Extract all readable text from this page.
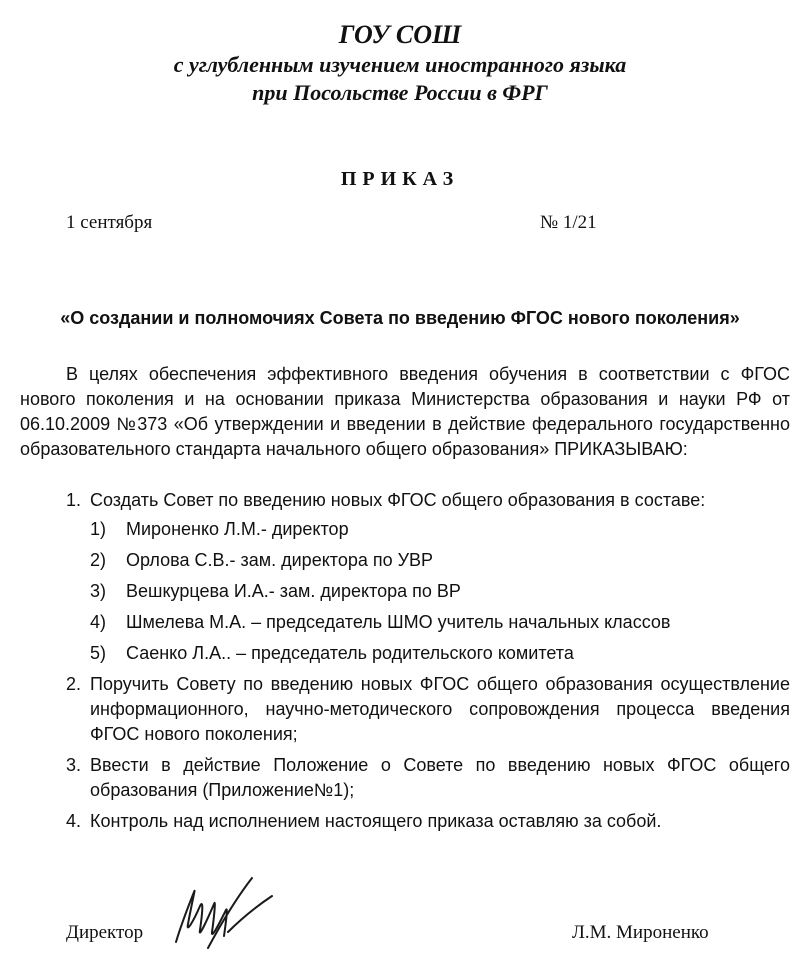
ГОУ СОШ
с углубленным изучением иностранного языка
при Посольстве России в ФРГ
ПРИКАЗ
1 сентября	№ 1/21
«О создании и полномочиях Совета по введению ФГОС нового поколения»
В целях обеспечения эффективного введения обучения в соответствии с ФГОС нового поколения и на основании приказа Министерства образования и науки РФ от 06.10.2009 №373 «Об утверждении и введении в действие федерального государственно образовательного стандарта начального общего образования» ПРИКАЗЫВАЮ:
1. Создать Совет по введению новых ФГОС общего образования в составе:
1) Мироненко Л.М.- директор
2) Орлова С.В.- зам. директора по УВР
3) Вешкурцева И.А.- зам. директора по ВР
4) Шмелева М.А. – председатель ШМО учитель начальных классов
5) Саенко Л.А.. – председатель родительского комитета
2. Поручить Совету по введению новых ФГОС общего образования осуществление информационного, научно-методического сопровождения процесса введения ФГОС нового поколения;
3. Ввести в действие Положение о Совете по введению новых ФГОС общего образования (Приложение№1);
4. Контроль над исполнением настоящего приказа оставляю за собой.
Директор	Л.М. Мироненко
